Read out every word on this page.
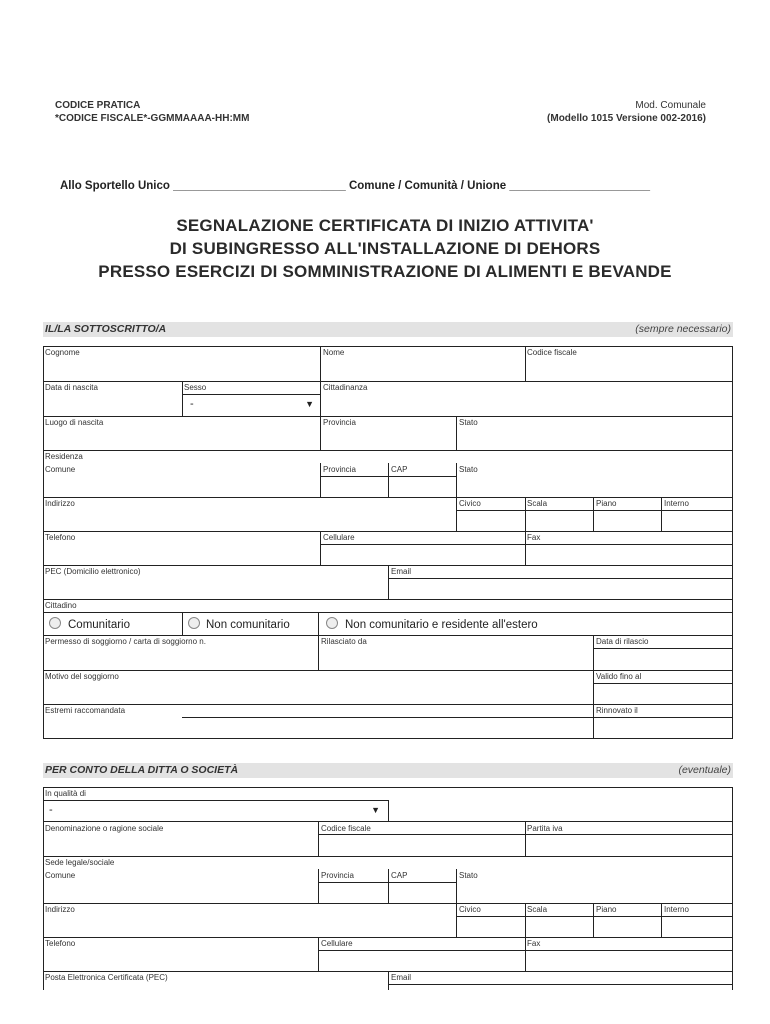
CODICE PRATICA
*CODICE FISCALE*-GGMMAAAA-HH:MM
Mod. Comunale
(Modello 1015 Versione 002-2016)
Allo Sportello Unico ___________________________ Comune / Comunità / Unione ______________________
SEGNALAZIONE CERTIFICATA DI INIZIO ATTIVITA'
DI SUBINGRESSO ALL'INSTALLAZIONE DI DEHORS
PRESSO ESERCIZI DI SOMMINISTRAZIONE DI ALIMENTI E BEVANDE
IL/LA SOTTOSCRITTO/A	(sempre necessario)
Cognome	Nome	Codice fiscale
Data di nascita	Sesso	Cittadinanza
-	▼
Luogo di nascita	Provincia	Stato
Residenza
Comune	Provincia	CAP	Stato
Indirizzo	Civico	Scala	Piano	Interno
Telefono	Cellulare	Fax
PEC (Domicilio elettronico)	Email
Cittadino
Comunitario	Non comunitario	Non comunitario e residente all'estero
Permesso di soggiorno / carta di soggiorno n.	Rilasciato da	Data di rilascio
Motivo del soggiorno	Valido fino al
Estremi raccomandata	Rinnovato il
PER CONTO DELLA DITTA O SOCIETÀ	(eventuale)
In qualità di
-	▼
Denominazione o ragione sociale	Codice fiscale	Partita iva
Sede legale/sociale
Comune	Provincia	CAP	Stato
Indirizzo	Civico	Scala	Piano	Interno
Telefono	Cellulare	Fax
Posta Elettronica Certificata (PEC)	Email
